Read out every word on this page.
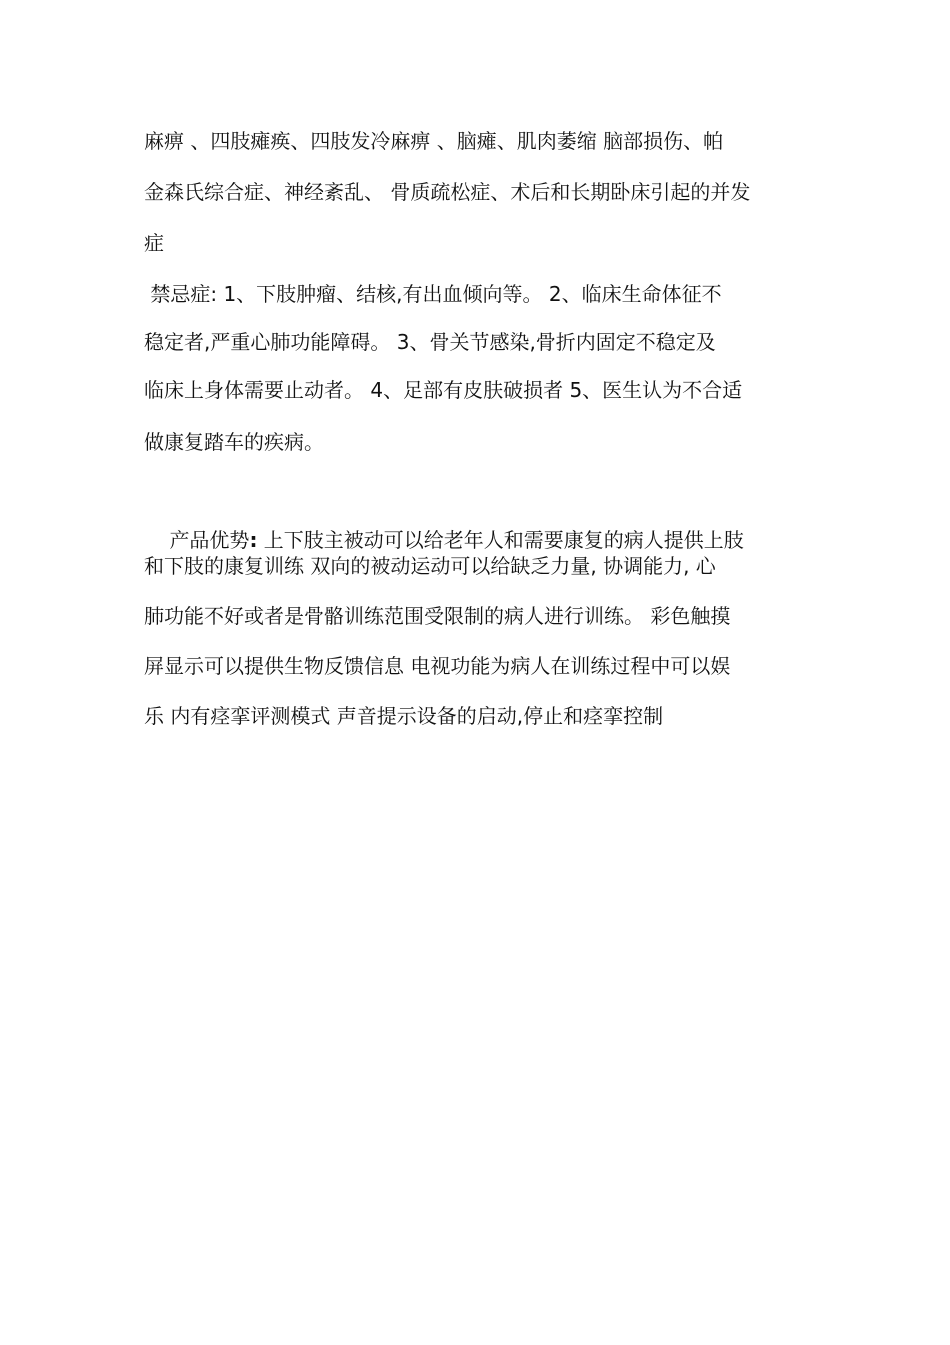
麻痹 、四肢瘫痪、四肢发冷麻痹 、脑瘫、肌肉萎缩 脑部损伤、帕
金森氏综合症、神经紊乱、 骨质疏松症、术后和长期卧床引起的并发
症
禁忌症: 1、下肢肿瘤、结核,有出血倾向等。 2、临床生命体征不
稳定者,严重心肺功能障碍。 3、骨关节感染,骨折内固定不稳定及
临床上身体需要止动者。 4、足部有皮肤破损者 5、医生认为不合适
做康复踏车的疾病。

产品优势: 上下肢主被动可以给老年人和需要康复的病人提供上肢

和下肢的康复训练 双向的被动运动可以给缺乏力量, 协调能力, 心
肺功能不好或者是骨骼训练范围受限制的病人进行训练。 彩色触摸
屏显示可以提供生物反馈信息 电视功能为病人在训练过程中可以娱
乐 内有痉挛评测模式 声音提示设备的启动,停止和痉挛控制
